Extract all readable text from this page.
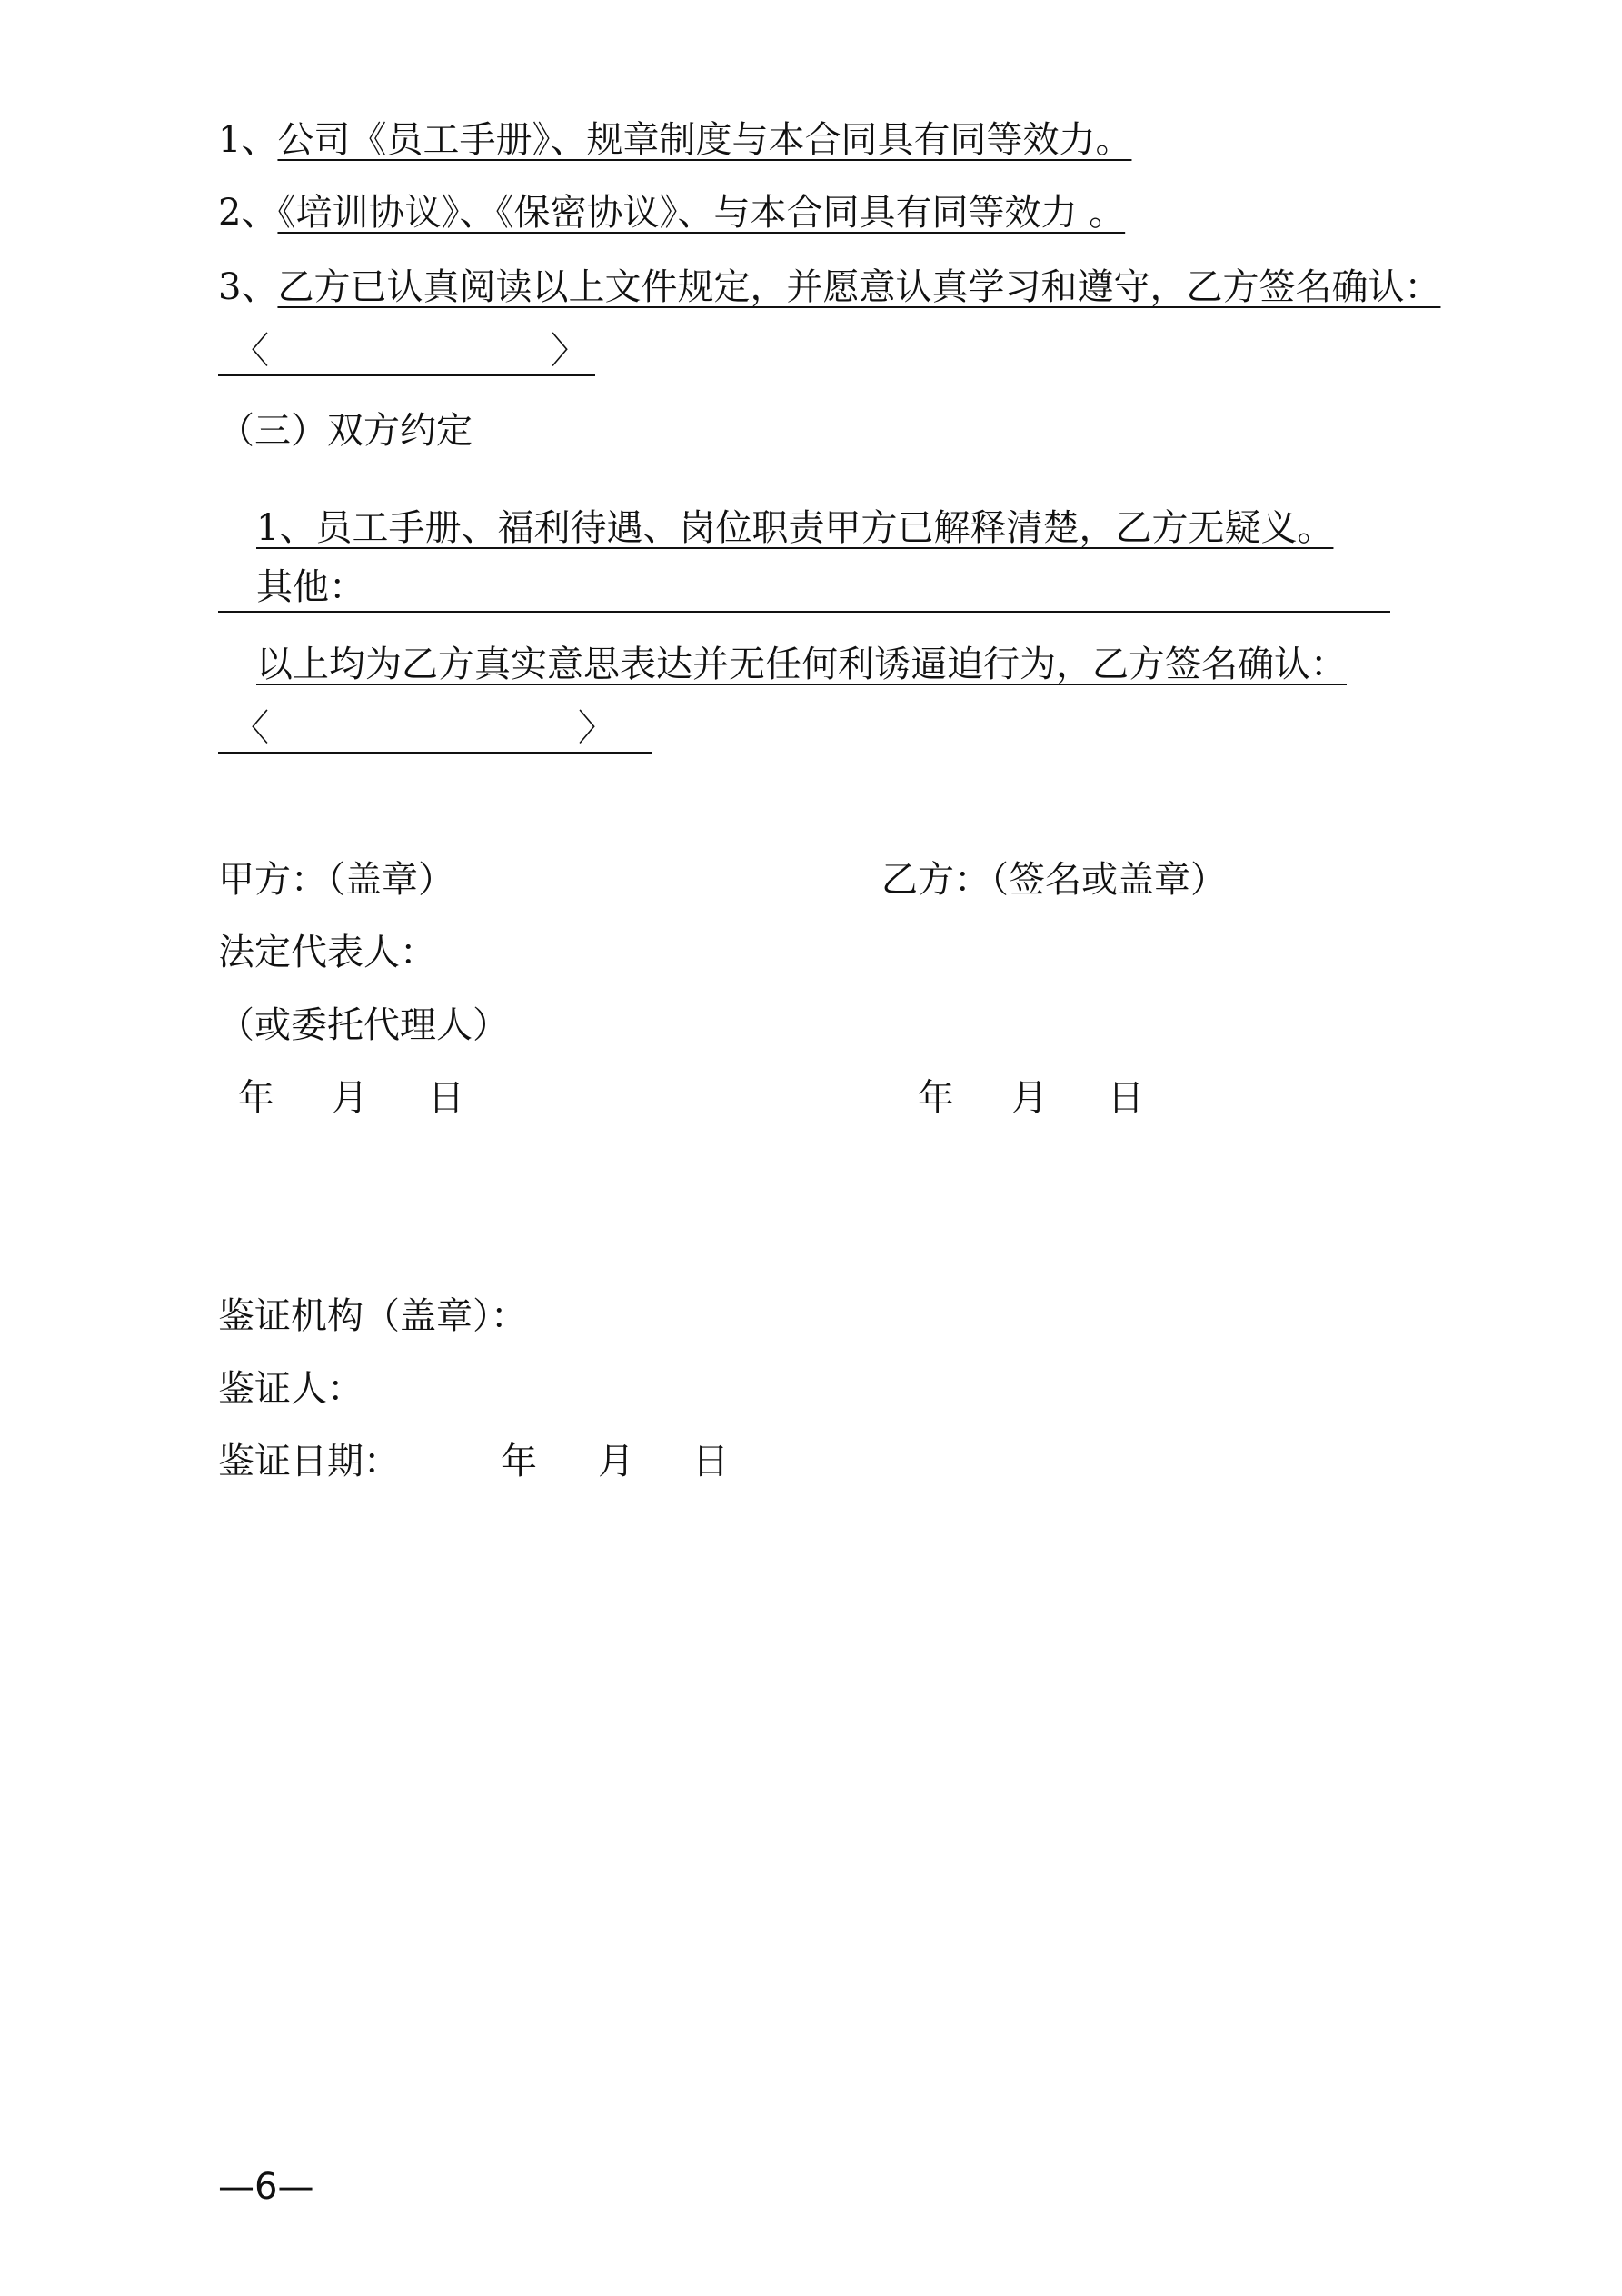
1、公司《员工手册》、规章制度与本合同具有同等效力。
2、《培训协议》、《保密协议》、与本合同具有同等效力 。
3、乙方已认真阅读以上文件规定，并愿意认真学习和遵守，乙方签名确认：
〈	〉
（三）双方约定
1、员工手册、福利待遇、岗位职责甲方已解释清楚，乙方无疑义。
其他：
以上均为乙方真实意思表达并无任何利诱逼迫行为，乙方签名确认：
〈	〉
甲方：（盖章）	乙方：（签名或盖章）
法定代表人：
（或委托代理人）
年 月 日	年 月 日
鉴证机构（盖章）：
鉴证人：
鉴证日期：	年 月 日
—6—
